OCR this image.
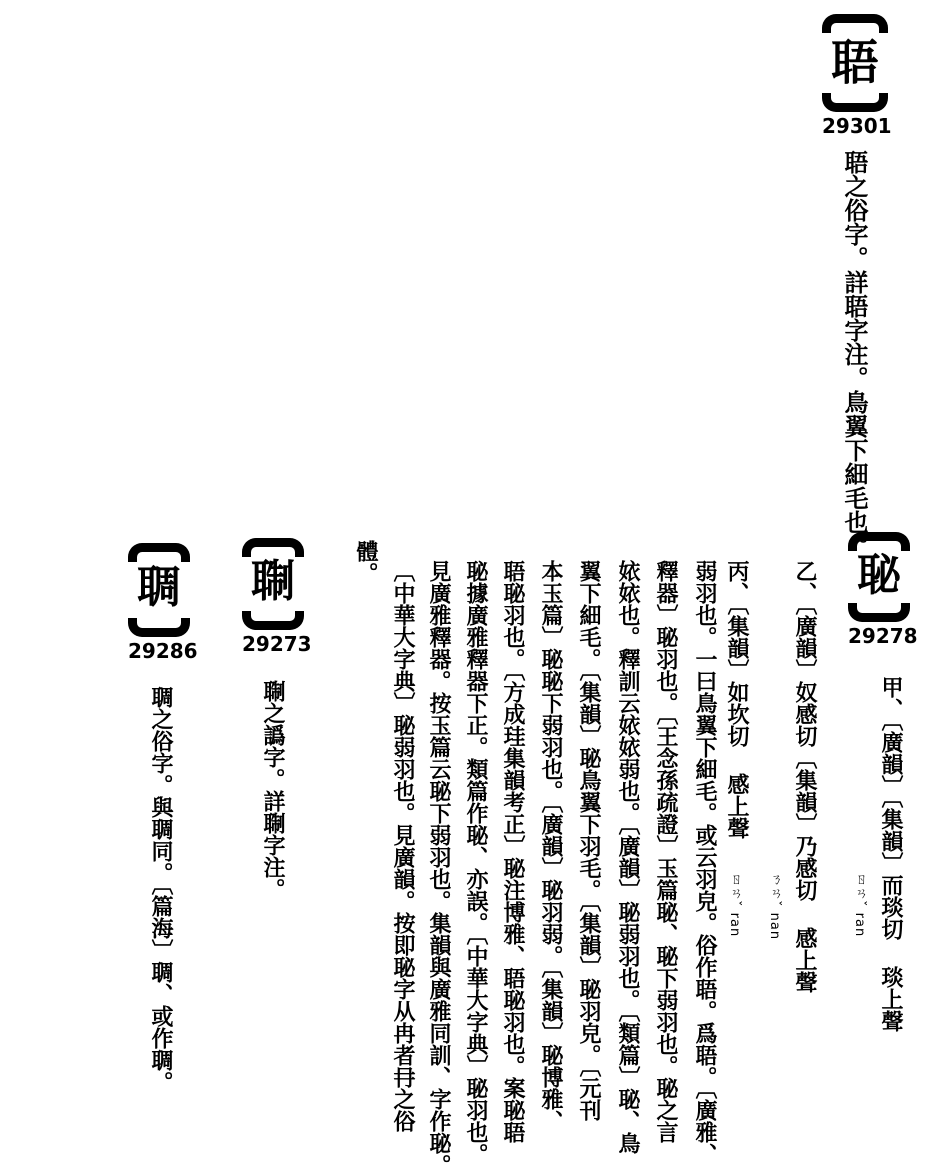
䎸
29301
䎸之俗字。詳䎸字注。鳥翼下細毛也。
䎵
29278
甲、〔廣韻〕〔集韻〕而琰切 琰上聲
乙、〔廣韻〕奴感切〔集韻〕乃感切 感上聲
丙、〔集韻〕如坎切 感上聲
ㄖㄢˇ ran
ㄋㄢˇ nan
ㄖㄢˇ ran
弱羽也。一曰鳥翼下細毛。或云羽皃。俗作䎸。爲䎸。〔廣雅、
釋器〕䎵羽也。〔王念孫疏證〕玉篇䎵、䎵下弱羽也。䎵之言
㛄㛄也。釋訓云㛄㛄弱也。〔廣韻〕䎵弱羽也。〔類篇〕䎵、鳥
翼下細毛。〔集韻〕䎵鳥翼下羽毛。〔集韻〕䎵羽皃。〔元刊
本玉篇〕䎵䎵下弱羽也。〔廣韻〕䎵羽弱。〔集韻〕䎵博雅、
䎸䎵羽也。〔方成珪集韻考正〕䎵注博雅、䎸䎵羽也。案䎵䎸
䎵據廣雅釋器下正。類篇作䎵、亦誤。〔中華大字典〕䎵羽也。
見廣雅釋器。按玉篇云䎵下弱羽也。集韻與廣雅同訓、字作䎵。
〔中華大字典〕䎵弱羽也。見廣韻。按即䎵字从冉者冄之俗
體。
䎺
29273
䎺之譌字。詳䎺字注。
䎻
29286
䎻之俗字。與䎻同。〔篇海〕䎻、或作䎻。
